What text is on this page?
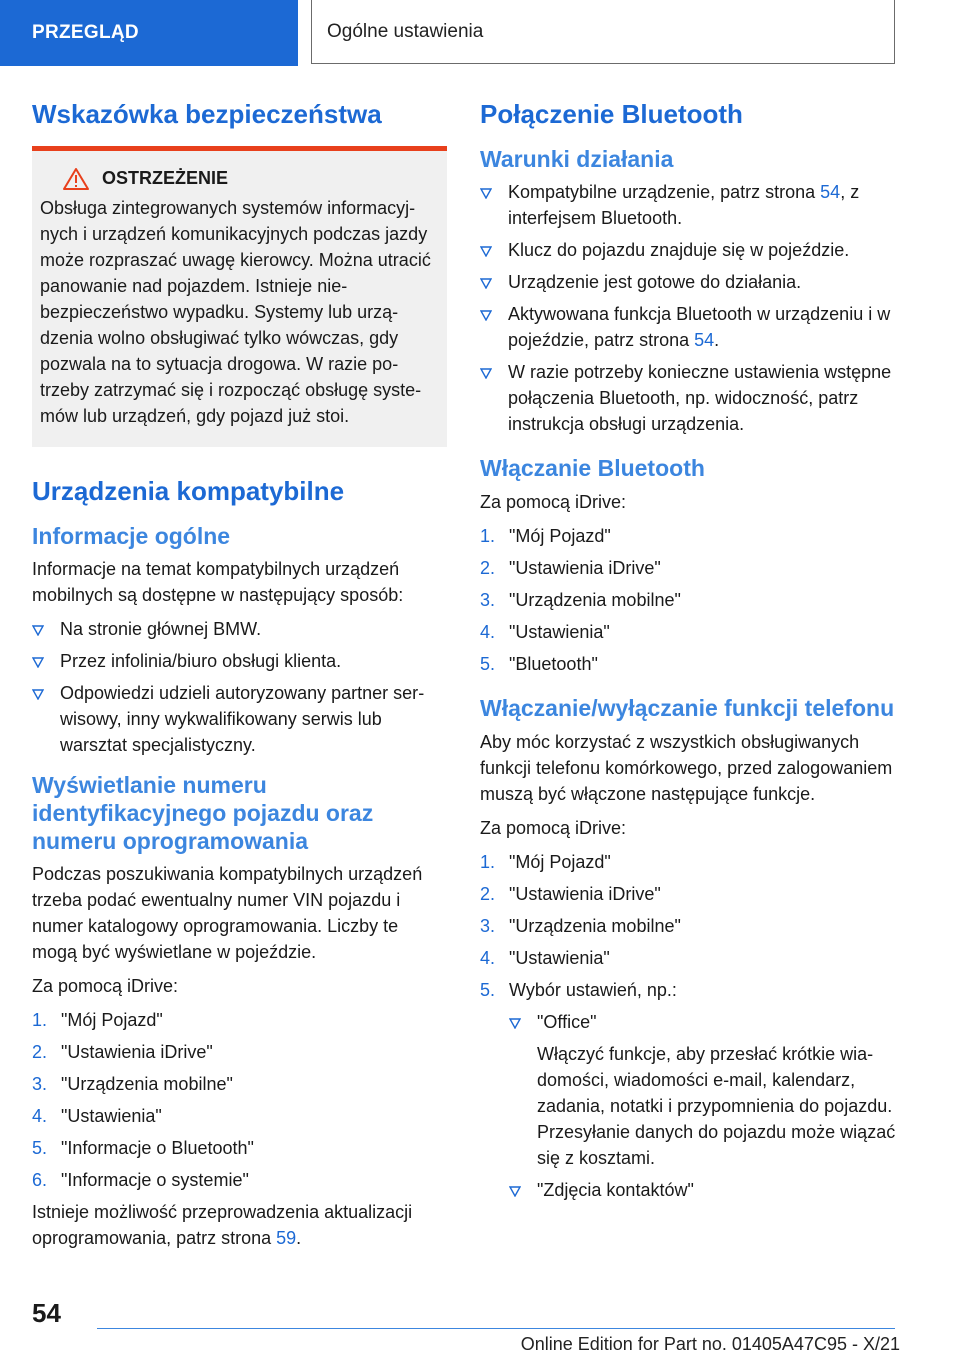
PRZEGLĄD	Ogólne ustawienia
Wskazówka bezpieczeństwa
OSTRZEŻENIE

Obsługa zintegrowanych systemów informacyjnych i urządzeń komunikacyjnych podczas jazdy może rozpraszać uwagę kierowcy. Można utracić panowanie nad pojazdem. Istnieje niebezpieczeństwo wypadku. Systemy lub urządzenia wolno obsługiwać tylko wówczas, gdy pozwala na to sytuacja drogowa. W razie potrzeby zatrzymać się i rozpocząć obsługę systemów lub urządzeń, gdy pojazd już stoi.

Urządzenia kompatybilne
Informacje ogólne

Informacje na temat kompatybilnych urządzeń mobilnych są dostępne w następujący sposób:

Na stronie głównej BMW.
Przez infolinia/biuro obsługi klienta.
Odpowiedzi udzieli autoryzowany partner serwisowy, inny wykwalifikowany serwis lub warsztat specjalistyczny.
Wyświetlanie numeru identyfikacyjnego pojazdu oraz numeru oprogramowania

Podczas poszukiwania kompatybilnych urządzeń trzeba podać ewentualny numer VIN pojazdu i numer katalogowy oprogramowania. Liczby te mogą być wyświetlane w pojeździe.

Za pomocą iDrive:

1. "Mój Pojazd"
2. "Ustawienia iDrive"
3. "Urządzenia mobilne"
4. "Ustawienia"
5. "Informacje o Bluetooth"
6. "Informacje o systemie"

Istnieje możliwość przeprowadzenia aktualizacji oprogramowania, patrz strona 59.

Połączenie Bluetooth
Warunki działania
Kompatybilne urządzenie, patrz strona 54, z interfejsem Bluetooth.
Klucz do pojazdu znajduje się w pojeździe.
Urządzenie jest gotowe do działania.
Aktywowana funkcja Bluetooth w urządzeniu i w pojeździe, patrz strona 54.
W razie potrzeby konieczne ustawienia wstępne połączenia Bluetooth, np. widoczność, patrz instrukcja obsługi urządzenia.
Włączanie Bluetooth

Za pomocą iDrive:

1. "Mój Pojazd"
2. "Ustawienia iDrive"
3. "Urządzenia mobilne"
4. "Ustawienia"
5. "Bluetooth"
Włączanie/wyłączanie funkcji telefonu

Aby móc korzystać z wszystkich obsługiwanych funkcji telefonu komórkowego, przed zalogowaniem muszą być włączone następujące funkcje.

Za pomocą iDrive:

1. "Mój Pojazd"
2. "Ustawienia iDrive"
3. "Urządzenia mobilne"
4. "Ustawienia"
5. Wybór ustawień, np.:
"Office"

Włączyć funkcje, aby przesłać krótkie wiadomości, wiadomości e-mail, kalendarz, zadania, notatki i przypomnienia do pojazdu. Przesyłanie danych do pojazdu może wiązać się z kosztami.
"Zdjęcia kontaktów"
54
Online Edition for Part no. 01405A47C95 - X/21
